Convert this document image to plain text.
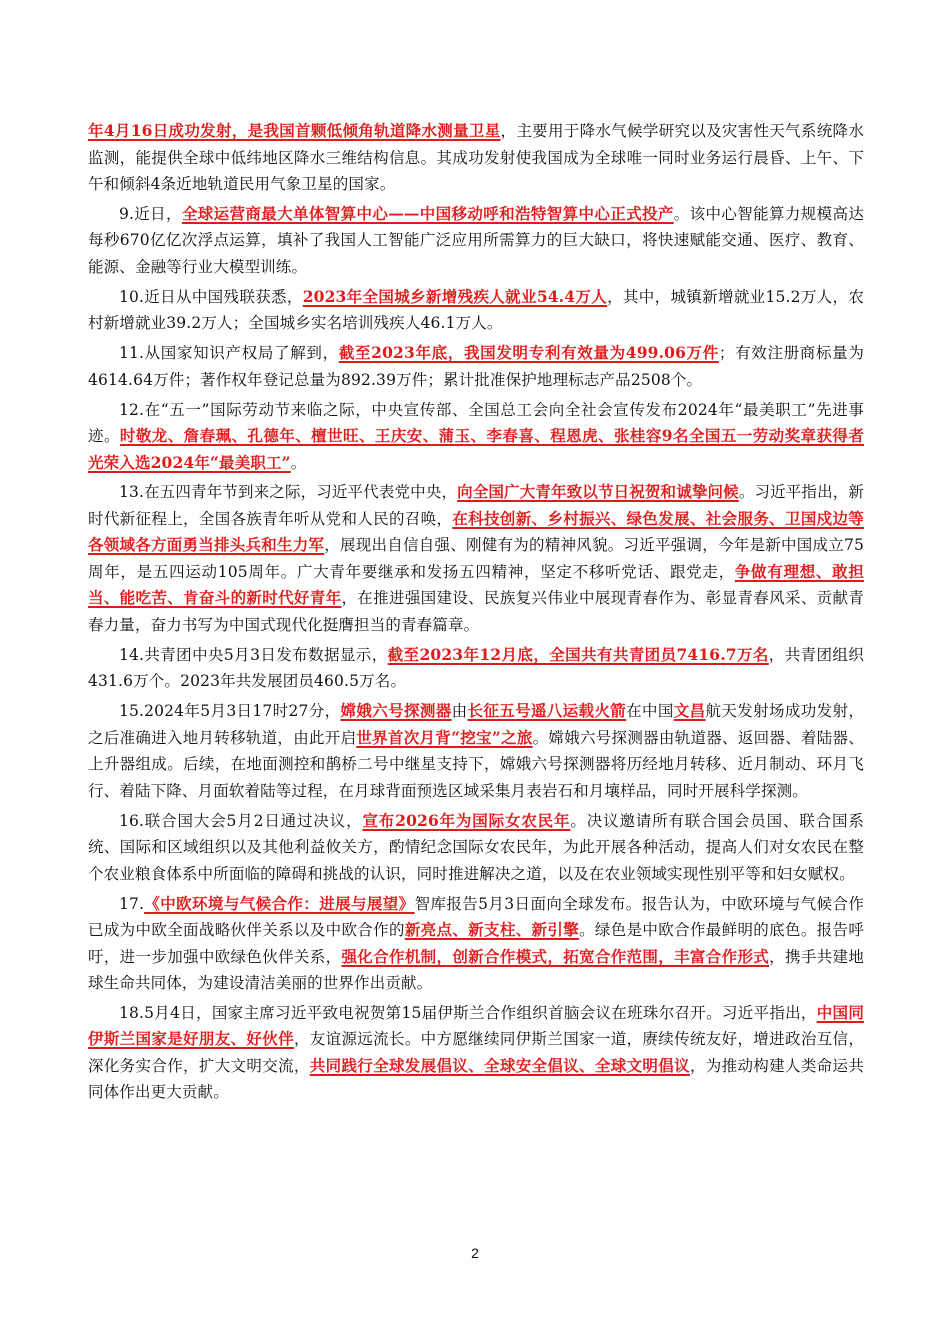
年4月16日成功发射，是我国首颗低倾角轨道降水测量卫星，主要用于降水气候学研究以及灾害性天气系统降水监测，能提供全球中低纬地区降水三维结构信息。其成功发射使我国成为全球唯一同时业务运行晨昏、上午、下午和倾斜4条近地轨道民用气象卫星的国家。

9.近日，全球运营商最大单体智算中心——中国移动呼和浩特智算中心正式投产。该中心智能算力规模高达每秒670亿亿次浮点运算，填补了我国人工智能广泛应用所需算力的巨大缺口，将快速赋能交通、医疗、教育、能源、金融等行业大模型训练。

10.近日从中国残联获悉，2023年全国城乡新增残疾人就业54.4万人，其中，城镇新增就业15.2万人，农村新增就业39.2万人；全国城乡实名培训残疾人46.1万人。

11.从国家知识产权局了解到，截至2023年底，我国发明专利有效量为499.06万件；有效注册商标量为4614.64万件；著作权年登记总量为892.39万件；累计批准保护地理标志产品2508个。

12.在“五一”国际劳动节来临之际，中央宣传部、全国总工会向全社会宣传发布2024年“最美职工”先进事迹。时敬龙、詹春珮、孔德年、檀世旺、王庆安、蒲玉、李春喜、程恩虎、张桂容9名全国五一劳动奖章获得者光荣入选2024年“最美职工”。

13.在五四青年节到来之际，习近平代表党中央，向全国广大青年致以节日祝贺和诚挚问候。习近平指出，新时代新征程上，全国各族青年听从党和人民的召唤，在科技创新、乡村振兴、绿色发展、社会服务、卫国戍边等各领域各方面勇当排头兵和生力军，展现出自信自强、刚健有为的精神风貌。习近平强调，今年是新中国成立75周年，是五四运动105周年。广大青年要继承和发扬五四精神，坚定不移听党话、跟党走，争做有理想、敢担当、能吃苦、肯奋斗的新时代好青年，在推进强国建设、民族复兴伟业中展现青春作为、彰显青春风采、贡献青春力量，奋力书写为中国式现代化挺膺担当的青春篇章。

14.共青团中央5月3日发布数据显示，截至2023年12月底，全国共有共青团员7416.7万名，共青团组织431.6万个。2023年共发展团员460.5万名。

15.2024年5月3日17时27分，嫦娥六号探测器由长征五号遥八运载火箭在中国文昌航天发射场成功发射，之后准确进入地月转移轨道，由此开启世界首次月背“挖宝”之旅。嫦娥六号探测器由轨道器、返回器、着陆器、上升器组成。后续，在地面测控和鹊桥二号中继星支持下，嫦娥六号探测器将历经地月转移、近月制动、环月飞行、着陆下降、月面软着陆等过程，在月球背面预选区域采集月表岩石和月壤样品，同时开展科学探测。

16.联合国大会5月2日通过决议，宣布2026年为国际女农民年。决议邀请所有联合国会员国、联合国系统、国际和区域组织以及其他利益攸关方，酌情纪念国际女农民年，为此开展各种活动，提高人们对女农民在整个农业粮食体系中所面临的障碍和挑战的认识，同时推进解决之道，以及在农业领域实现性别平等和妇女赋权。

17.《中欧环境与气候合作：进展与展望》智库报告5月3日面向全球发布。报告认为，中欧环境与气候合作已成为中欧全面战略伙伴关系以及中欧合作的新亮点、新支柱、新引擎。绿色是中欧合作最鲜明的底色。报告呼吁，进一步加强中欧绿色伙伴关系，强化合作机制，创新合作模式，拓宽合作范围，丰富合作形式，携手共建地球生命共同体，为建设清洁美丽的世界作出贡献。

18.5月4日，国家主席习近平致电祝贺第15届伊斯兰合作组织首脑会议在班珠尔召开。习近平指出，中国同伊斯兰国家是好朋友、好伙伴，友谊源远流长。中方愿继续同伊斯兰国家一道，赓续传统友好，增进政治互信，深化务实合作，扩大文明交流，共同践行全球发展倡议、全球安全倡议、全球文明倡议，为推动构建人类命运共同体作出更大贡献。

2
